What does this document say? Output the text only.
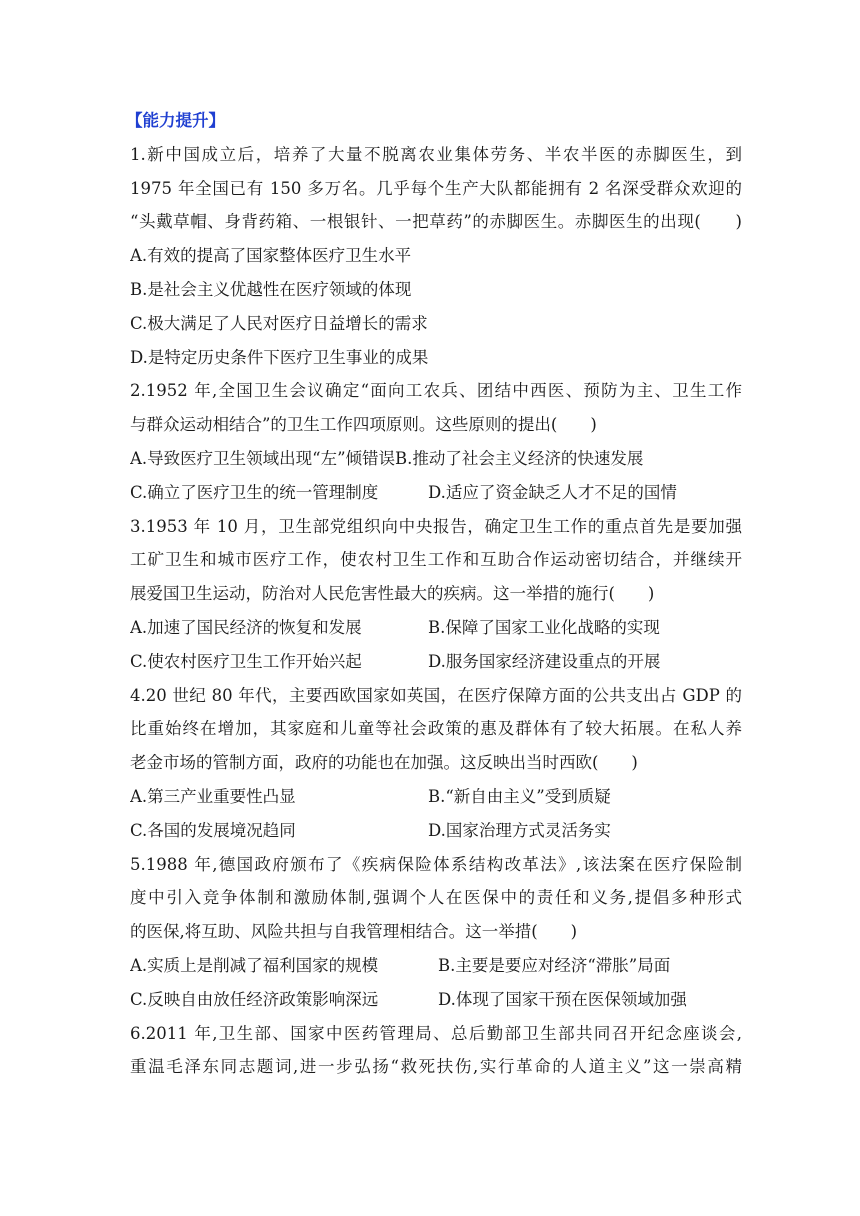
【能力提升】
1.新中国成立后，培养了大量不脱离农业集体劳务、半农半医的赤脚医生，到
1975 年全国已有 150 多万名。几乎每个生产大队都能拥有 2 名深受群众欢迎的
“头戴草帽、身背药箱、一根银针、一把草药”的赤脚医生。赤脚医生的出现(　　)
A.有效的提高了国家整体医疗卫生水平
B.是社会主义优越性在医疗领域的体现
C.极大满足了人民对医疗日益增长的需求
D.是特定历史条件下医疗卫生事业的成果
2.1952 年,全国卫生会议确定“面向工农兵、团结中西医、预防为主、卫生工作
与群众运动相结合”的卫生工作四项原则。这些原则的提出(　　)
A.导致医疗卫生领域出现“左”倾错误B.推动了社会主义经济的快速发展
C.确立了医疗卫生的统一管理制度	D.适应了资金缺乏人才不足的国情
3.1953 年 10 月，卫生部党组织向中央报告，确定卫生工作的重点首先是要加强
工矿卫生和城市医疗工作，使农村卫生工作和互助合作运动密切结合，并继续开
展爱国卫生运动，防治对人民危害性最大的疾病。这一举措的施行(　　)
A.加速了国民经济的恢复和发展	B.保障了国家工业化战略的实现
C.使农村医疗卫生工作开始兴起	D.服务国家经济建设重点的开展
4.20 世纪 80 年代，主要西欧国家如英国，在医疗保障方面的公共支出占 GDP 的
比重始终在增加，其家庭和儿童等社会政策的惠及群体有了较大拓展。在私人养
老金市场的管制方面，政府的功能也在加强。这反映出当时西欧(　　)
A.第三产业重要性凸显	B.“新自由主义”受到质疑
C.各国的发展境况趋同	D.国家治理方式灵活务实
5.1988 年,德国政府颁布了《疾病保险体系结构改革法》,该法案在医疗保险制
度中引入竞争体制和激励体制,强调个人在医保中的责任和义务,提倡多种形式
的医保,将互助、风险共担与自我管理相结合。这一举措(　　)
A.实质上是削减了福利国家的规模	B.主要是要应对经济“滞胀”局面
C.反映自由放任经济政策影响深远	D.体现了国家干预在医保领域加强
6.2011 年,卫生部、国家中医药管理局、总后勤部卫生部共同召开纪念座谈会,
重温毛泽东同志题词,进一步弘扬“救死扶伤,实行革命的人道主义”这一崇高精
